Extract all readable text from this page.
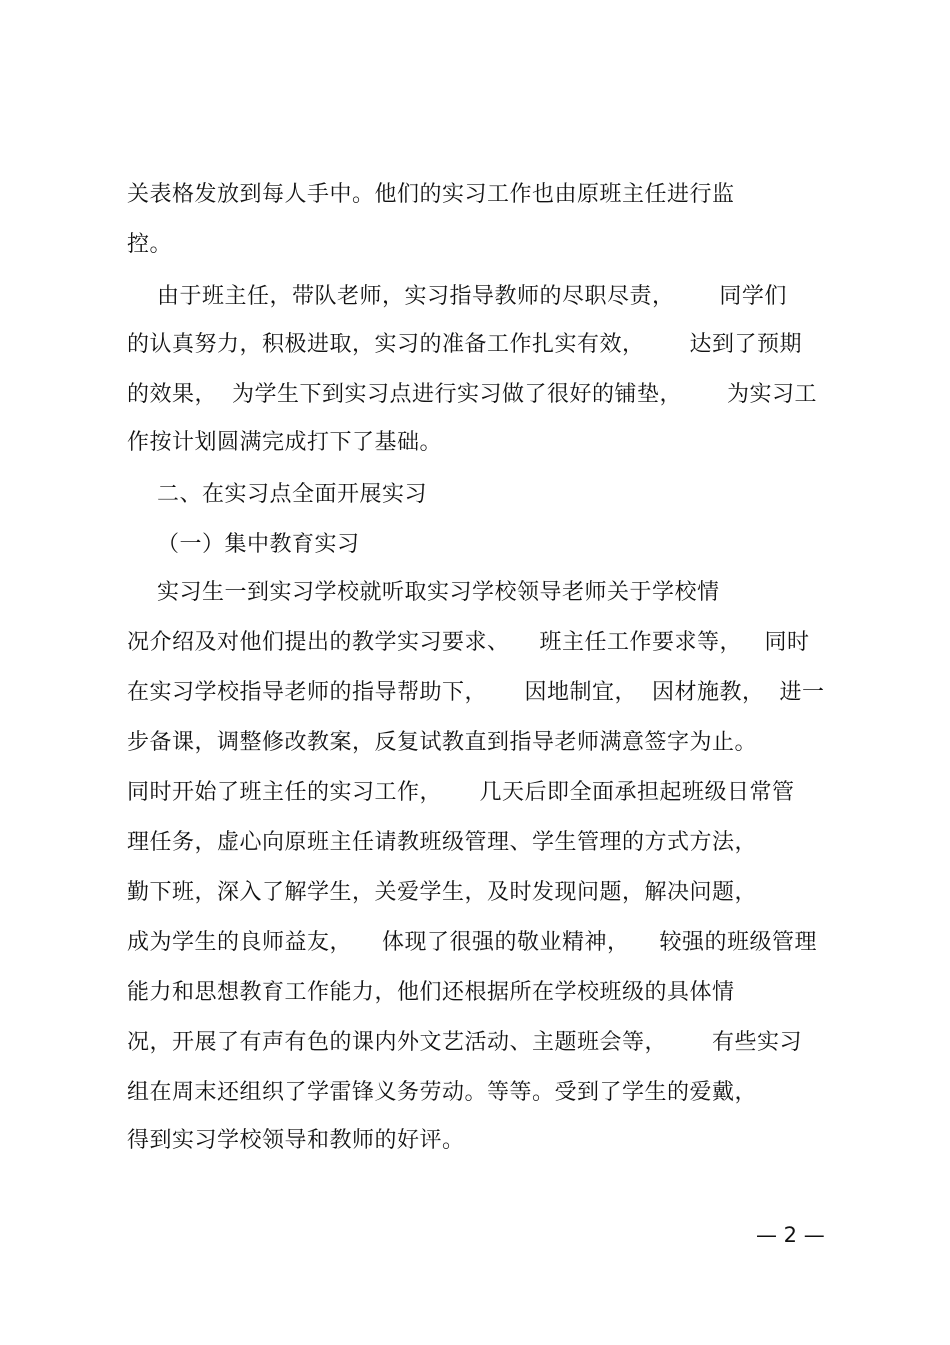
关表格发放到每人手中。他们的实习工作也由原班主任进行监
控。
由于班主任，带队老师，实习指导教师的尽职尽责，      同学们
的认真努力，积极进取，实习的准备工作扎实有效，      达到了预期
的效果，  为学生下到实习点进行实习做了很好的铺垫，      为实习工
作按计划圆满完成打下了基础。
二、在实习点全面开展实习
（一）集中教育实习
实习生一到实习学校就听取实习学校领导老师关于学校情
况介绍及对他们提出的教学实习要求、    班主任工作要求等，   同时
在实习学校指导老师的指导帮助下，     因地制宜，  因材施教，  进一
步备课，调整修改教案，反复试教直到指导老师满意签字为止。
同时开始了班主任的实习工作，     几天后即全面承担起班级日常管
理任务，虚心向原班主任请教班级管理、学生管理的方式方法，
勤下班，深入了解学生，关爱学生，及时发现问题，解决问题，
成为学生的良师益友，    体现了很强的敬业精神，    较强的班级管理
能力和思想教育工作能力，他们还根据所在学校班级的具体情
况，开展了有声有色的课内外文艺活动、主题班会等，      有些实习
组在周末还组织了学雷锋义务劳动。等等。受到了学生的爱戴，
得到实习学校领导和教师的好评。
— 2 —
